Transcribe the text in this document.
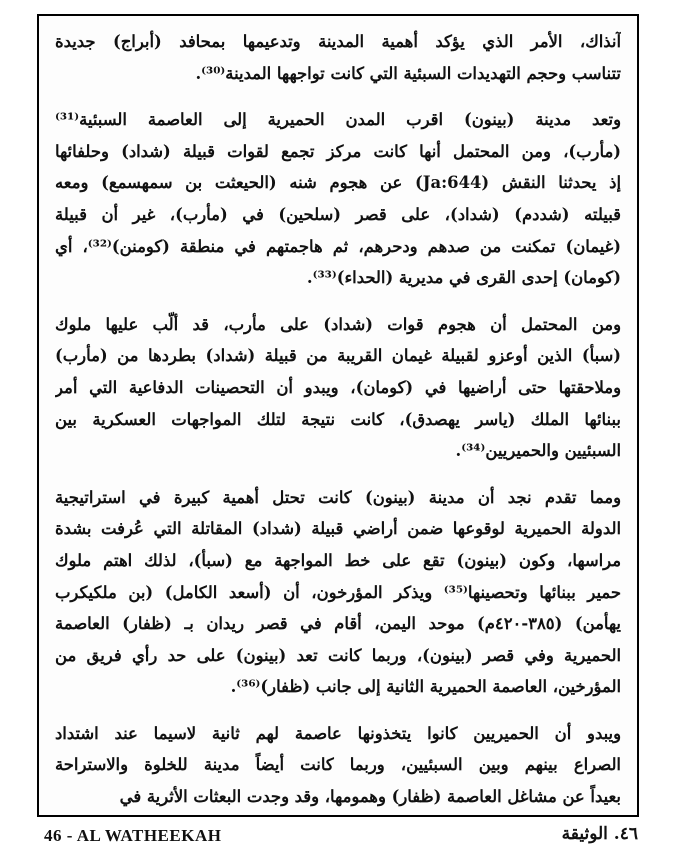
آنذاك، الأمر الذي يؤكد أهمية المدينة وتدعيمها بمحافد (أبراج) جديدة
تتناسب وحجم التهديدات السبئية التي كانت تواجهها المدينة⁽³⁰⁾.
وتعد مدينة (بينون) اقرب المدن الحميرية إلى العاصمة السبئية⁽³¹⁾
(مأرب)، ومن المحتمل أنها كانت مركز تجمع لقوات قبيلة (شداد) وحلفائها
إذ يحدثنا النقش (Ja:644) عن هجوم شنه (الحيعثت بن سمهسمع) ومعه
قبيلته (شددم) (شداد)، على قصر (سلحين) في (مأرب)، غير أن قبيلة
(غيمان) تمكنت من صدهم ودحرهم، ثم هاجمتهم في منطقة (كومنن)⁽³²⁾، أي
(كومان) إحدى القرى في مديرية (الحداء)⁽³³⁾.
ومن المحتمل أن هجوم قوات (شداد) على مأرب، قد ألّب عليها ملوك
(سبأ) الذين أوعزو لقبيلة غيمان القريبة من قبيلة (شداد) بطردها من (مأرب)
وملاحقتها حتى أراضيها في (كومان)، ويبدو أن التحصينات الدفاعية التي أمر
ببنائها الملك (ياسر يهصدق)، كانت نتيجة لتلك المواجهات العسكرية بين
السبئيين والحميريين⁽³⁴⁾.
ومما تقدم نجد أن مدينة (بينون) كانت تحتل أهمية كبيرة في استراتيجية
الدولة الحميرية لوقوعها ضمن أراضي قبيلة (شداد) المقاتلة التي عُرفت بشدة
مراسها، وكون (بينون) تقع على خط المواجهة مع (سبأ)، لذلك اهتم ملوك
حمير ببنائها وتحصينها⁽³⁵⁾ ويذكر المؤرخون، أن (أسعد الكامل) (بن ملكيكرب
يهأمن) (٣٨٥-٤٢٠م) موحد اليمن، أقام في قصر ريدان بـ (ظفار) العاصمة
الحميرية وفي قصر (بينون)، وربما كانت تعد (بينون) على حد رأي فريق من
المؤرخين، العاصمة الحميرية الثانية إلى جانب (ظفار)⁽³⁶⁾.
ويبدو أن الحميريين كانوا يتخذونها عاصمة لهم ثانية لاسيما عند اشتداد
الصراع بينهم وبين السبئيين، وربما كانت أيضاً مدينة للخلوة والاستراحة
بعيداً عن مشاغل العاصمة (ظفار) وهمومها، وقد وجدت البعثات الأثرية في
46 - AL WATHEEKAH	٤٦. الوثيقة
